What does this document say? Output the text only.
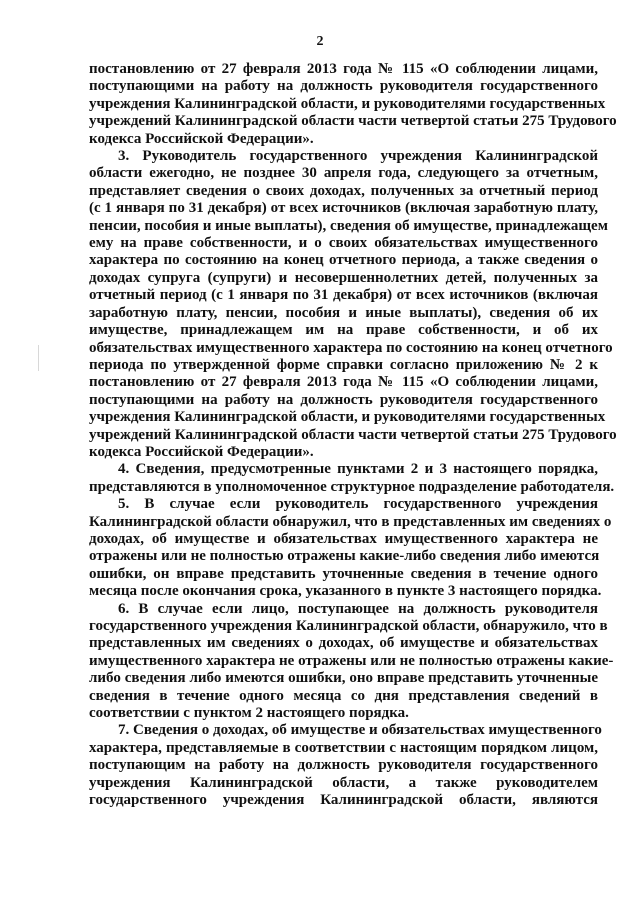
2

постановлению от 27 февраля 2013 года № 115 «О соблюдении лицами,
поступающими на работу на должность руководителя государственного
учреждения Калининградской области, и руководителями государственных
учреждений Калининградской области части четвертой статьи 275 Трудового
кодекса Российской Федерации».

3. Руководитель государственного учреждения Калининградской
области ежегодно, не позднее 30 апреля года, следующего за отчетным,
представляет сведения о своих доходах, полученных за отчетный период
(с 1 января по 31 декабря) от всех источников (включая заработную плату,
пенсии, пособия и иные выплаты), сведения об имуществе, принадлежащем
ему на праве собственности, и о своих обязательствах имущественного
характера по состоянию на конец отчетного периода, а также сведения о
доходах супруга (супруги) и несовершеннолетних детей, полученных за
отчетный период (с 1 января по 31 декабря) от всех источников (включая
заработную плату, пенсии, пособия и иные выплаты), сведения об их
имуществе, принадлежащем им на праве собственности, и об их
обязательствах имущественного характера по состоянию на конец отчетного
периода по утвержденной форме справки согласно приложению № 2 к
постановлению от 27 февраля 2013 года № 115 «О соблюдении лицами,
поступающими на работу на должность руководителя государственного
учреждения Калининградской области, и руководителями государственных
учреждений Калининградской области части четвертой статьи 275 Трудового
кодекса Российской Федерации».

4. Сведения, предусмотренные пунктами 2 и 3 настоящего порядка,
представляются в уполномоченное структурное подразделение работодателя.

5. В случае если руководитель государственного учреждения
Калининградской области обнаружил, что в представленных им сведениях о
доходах, об имуществе и обязательствах имущественного характера не
отражены или не полностью отражены какие-либо сведения либо имеются
ошибки, он вправе представить уточненные сведения в течение одного
месяца после окончания срока, указанного в пункте 3 настоящего порядка.

6. В случае если лицо, поступающее на должность руководителя
государственного учреждения Калининградской области, обнаружило, что в
представленных им сведениях о доходах, об имуществе и обязательствах
имущественного характера не отражены или не полностью отражены какие-
либо сведения либо имеются ошибки, оно вправе представить уточненные
сведения в течение одного месяца со дня представления сведений в
соответствии с пунктом 2 настоящего порядка.

7. Сведения о доходах, об имуществе и обязательствах имущественного
характера, представляемые в соответствии с настоящим порядком лицом,
поступающим на работу на должность руководителя государственного
учреждения Калининградской области, а также руководителем
государственного учреждения Калининградской области, являются
